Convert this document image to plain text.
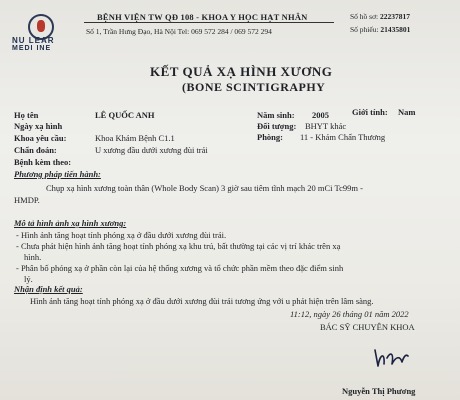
NU LEAR
MEDI INE
BỆNH VIỆN TW QĐ 108 - KHOA Y HỌC HẠT NHÂN
Số 1, Trần Hưng Đạo, Hà Nội Tel: 069 572 284 / 069 572 294
Số hồ sơ: 22237817
Số phiếu: 21435801
KẾT QUẢ XẠ HÌNH XƯƠNG
(BONE SCINTIGRAPHY
Họ tên	LÊ QUỐC ANH	Năm sinh: 2005	Giới tính: Nam
Ngày xạ hình	Đối tượng: BHYT khác
Khoa yêu cầu:	Khoa Khám Bệnh C1.1	Phòng: 11 - Khám Chấn Thương
Chẩn đoán:	U xương đầu dưới xương đùi trái
Bệnh kèm theo:
Phương pháp tiến hành:
Chụp xạ hình xương toàn thân (Whole Body Scan) 3 giờ sau tiêm tĩnh mạch 20 mCi Tc99m -
HMDP.
Mô tả hình ảnh xạ hình xương:
- Hình ảnh tăng hoạt tính phóng xạ ở đầu dưới xương đùi trái.
- Chưa phát hiện hình ảnh tăng hoạt tính phóng xạ khu trú, bất thường tại các vị trí khác trên xạ
hình.
- Phân bố phóng xạ ở phần còn lại của hệ thống xương và tổ chức phần mềm theo đặc điểm sinh
lý.
Nhận định kết quả:
Hình ảnh tăng hoạt tính phóng xạ ở đầu dưới xương đùi trái tương ứng với u phát hiện trên lâm sàng.
11:12, ngày 26 tháng 01 năm 2022
BÁC SỸ CHUYÊN KHOA
Nguyễn Thị Phương
